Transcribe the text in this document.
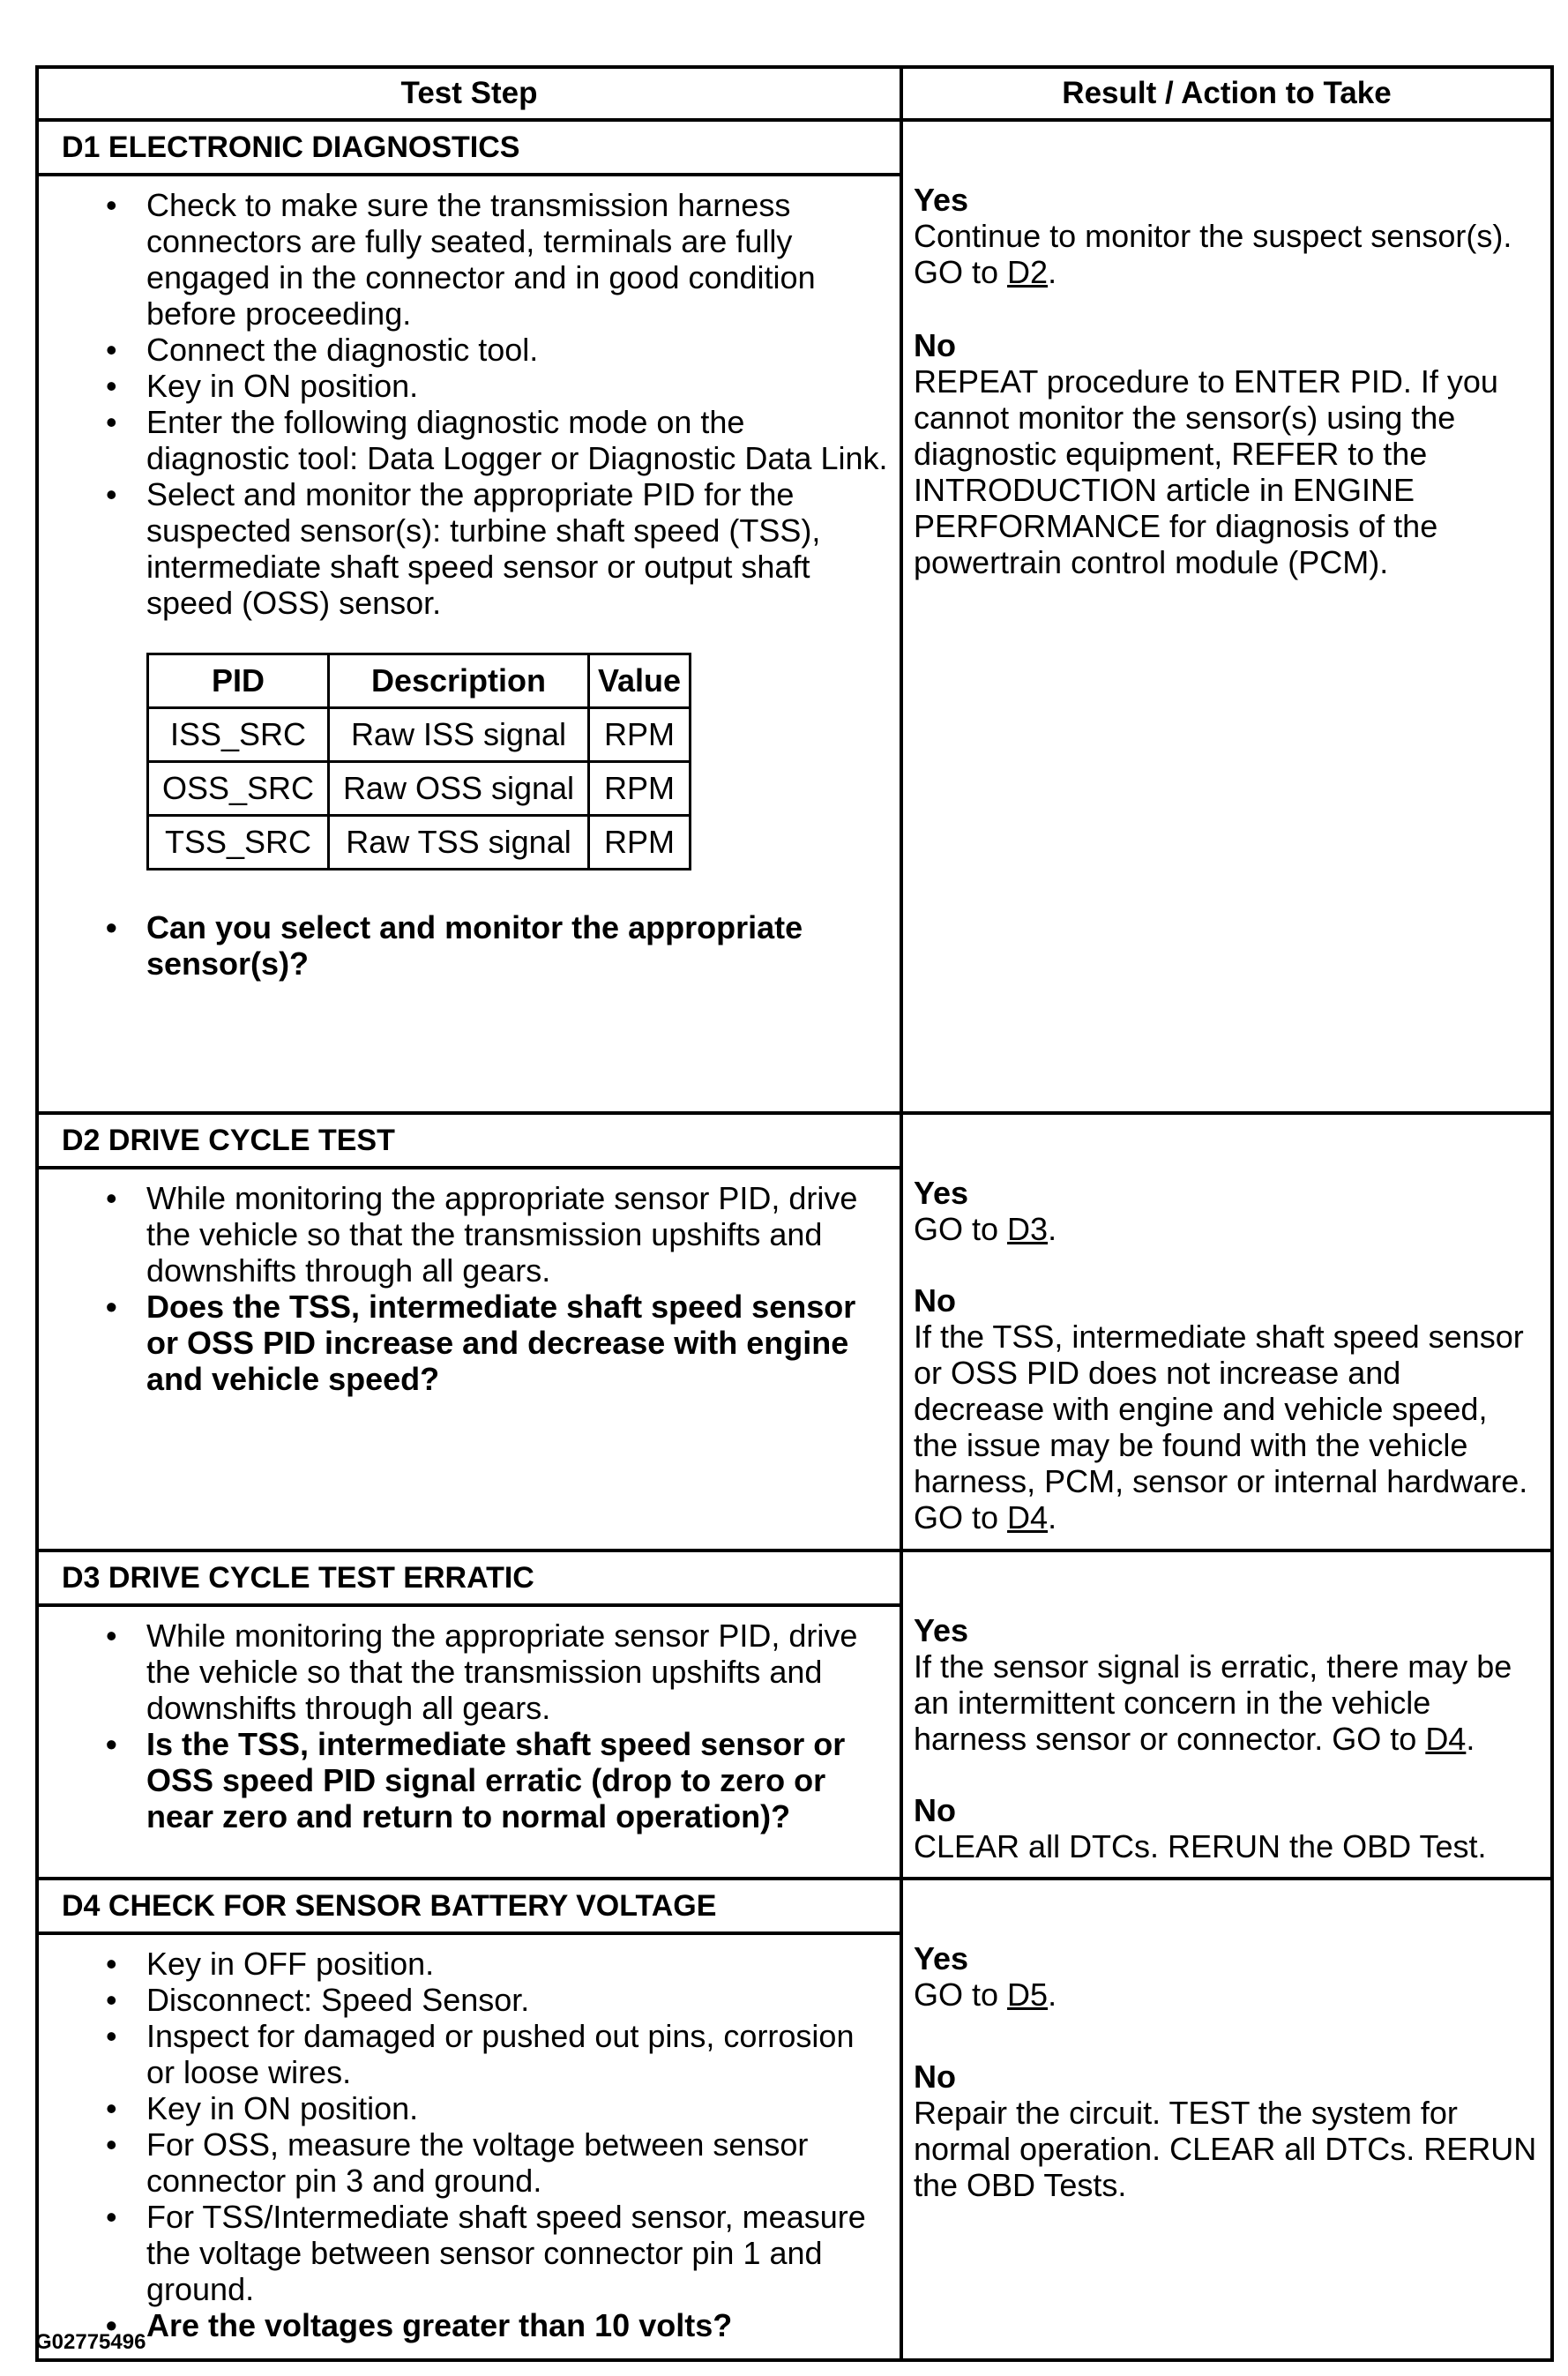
Test Step	Result / Action to Take

D1 ELECTRONIC DIAGNOSTICS
• Check to make sure the transmission harness connectors are fully seated, terminals are fully engaged in the connector and in good condition before proceeding.
• Connect the diagnostic tool.
• Key in ON position.
• Enter the following diagnostic mode on the diagnostic tool: Data Logger or Diagnostic Data Link.
• Select and monitor the appropriate PID for the suspected sensor(s): turbine shaft speed (TSS), intermediate shaft speed sensor or output shaft speed (OSS) sensor.
PID	Description	Value
ISS_SRC	Raw ISS signal	RPM
OSS_SRC	Raw OSS signal	RPM
TSS_SRC	Raw TSS signal	RPM
• Can you select and monitor the appropriate sensor(s)?

Yes
Continue to monitor the suspect sensor(s). GO to D2.
No
REPEAT procedure to ENTER PID. If you cannot monitor the sensor(s) using the diagnostic equipment, REFER to the INTRODUCTION article in ENGINE PERFORMANCE for diagnosis of the powertrain control module (PCM).

D2 DRIVE CYCLE TEST
• While monitoring the appropriate sensor PID, drive the vehicle so that the transmission upshifts and downshifts through all gears.
• Does the TSS, intermediate shaft speed sensor or OSS PID increase and decrease with engine and vehicle speed?

Yes
GO to D3.
No
If the TSS, intermediate shaft speed sensor or OSS PID does not increase and decrease with engine and vehicle speed, the issue may be found with the vehicle harness, PCM, sensor or internal hardware. GO to D4.

D3 DRIVE CYCLE TEST ERRATIC
• While monitoring the appropriate sensor PID, drive the vehicle so that the transmission upshifts and downshifts through all gears.
• Is the TSS, intermediate shaft speed sensor or OSS speed PID signal erratic (drop to zero or near zero and return to normal operation)?

Yes
If the sensor signal is erratic, there may be an intermittent concern in the vehicle harness sensor or connector. GO to D4.
No
CLEAR all DTCs. RERUN the OBD Test.

D4 CHECK FOR SENSOR BATTERY VOLTAGE
• Key in OFF position.
• Disconnect: Speed Sensor.
• Inspect for damaged or pushed out pins, corrosion or loose wires.
• Key in ON position.
• For OSS, measure the voltage between sensor connector pin 3 and ground.
• For TSS/Intermediate shaft speed sensor, measure the voltage between sensor connector pin 1 and ground.
• Are the voltages greater than 10 volts?

Yes
GO to D5.
No
Repair the circuit. TEST the system for normal operation. CLEAR all DTCs. RERUN the OBD Tests.
G02775496
